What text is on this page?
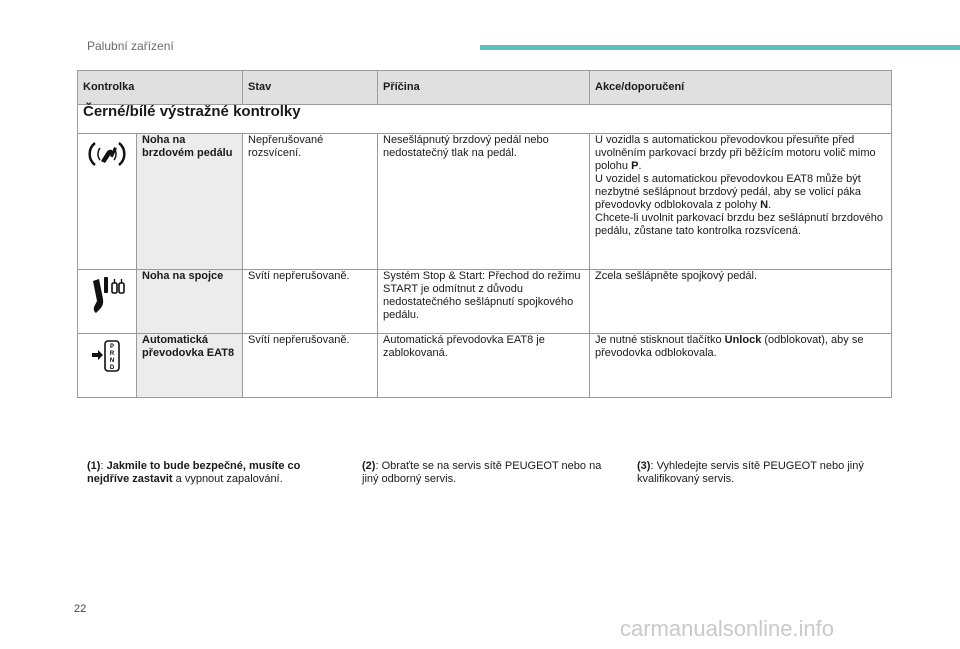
Palubní zařízení
Kontrolka		Stav	Příčina	Akce/doporučení
Černé/bílé výstražné kontrolky				

	Noha na brzdovém pedálu	Nepřerušované rozsvícení.	Nesešlápnutý brzdový pedál nebo nedostatečný tlak na pedál.	U vozidla s automatickou převodovkou přesuňte před uvolněním parkovací brzdy při běžícím motoru volič mimo polohu P.
U vozidel s automatickou převodovkou EAT8 může být nezbytné sešlápnout brzdový pedál, aby se volicí páka převodovky odblokovala z polohy N.
Chcete-li uvolnit parkovací brzdu bez sešlápnutí brzdového pedálu, zůstane tato kontrolka rozsvícená.

	Noha na spojce	Svítí nepřerušovaně.	Systém Stop & Start: Přechod do režimu START je odmítnut z důvodu nedostatečného sešlápnutí spojkového pedálu.	Zcela sešlápněte spojkový pedál.

P
R
N
D	Automatická převodovka EAT8	Svítí nepřerušovaně.	Automatická převodovka EAT8 je zablokovaná.	Je nutné stisknout tlačítko Unlock (odblokovat), aby se převodovka odblokovala.
(1): Jakmile to bude bezpečné, musíte co nejdříve zastavit a vypnout zapalování.
(2): Obraťte se na servis sítě PEUGEOT nebo na jiný odborný servis.
(3): Vyhledejte servis sítě PEUGEOT nebo jiný kvalifikovaný servis.
22
carmanualsonline.info
